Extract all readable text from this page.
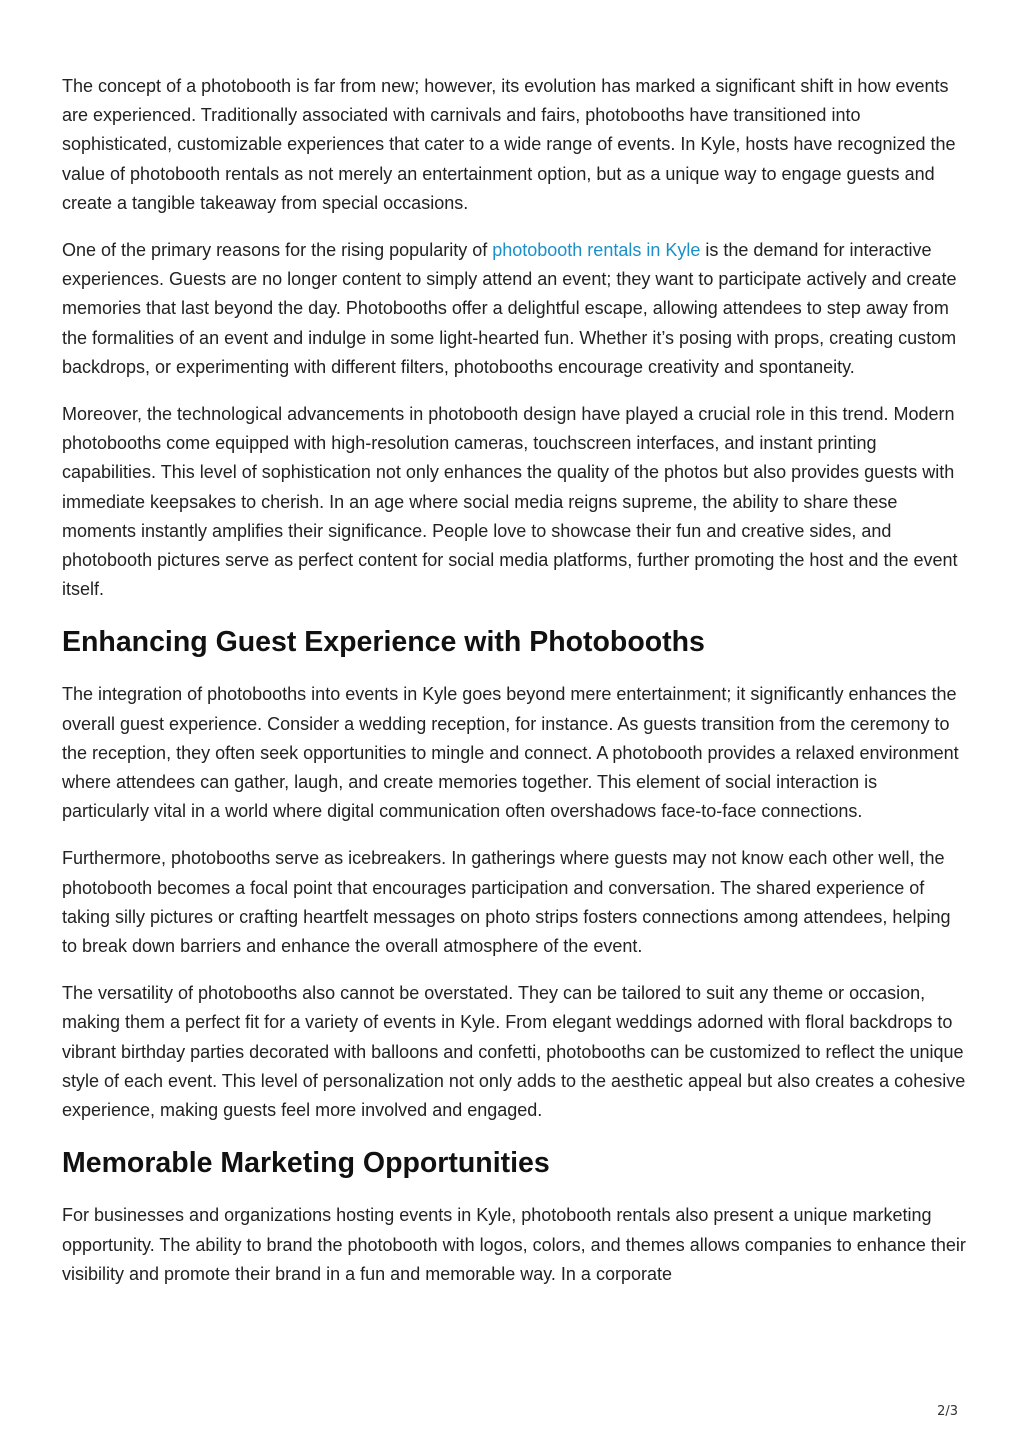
The concept of a photobooth is far from new; however, its evolution has marked a significant shift in how events are experienced. Traditionally associated with carnivals and fairs, photobooths have transitioned into sophisticated, customizable experiences that cater to a wide range of events. In Kyle, hosts have recognized the value of photobooth rentals as not merely an entertainment option, but as a unique way to engage guests and create a tangible takeaway from special occasions.

One of the primary reasons for the rising popularity of photobooth rentals in Kyle is the demand for interactive experiences. Guests are no longer content to simply attend an event; they want to participate actively and create memories that last beyond the day. Photobooths offer a delightful escape, allowing attendees to step away from the formalities of an event and indulge in some light-hearted fun. Whether it’s posing with props, creating custom backdrops, or experimenting with different filters, photobooths encourage creativity and spontaneity.

Moreover, the technological advancements in photobooth design have played a crucial role in this trend. Modern photobooths come equipped with high-resolution cameras, touchscreen interfaces, and instant printing capabilities. This level of sophistication not only enhances the quality of the photos but also provides guests with immediate keepsakes to cherish. In an age where social media reigns supreme, the ability to share these moments instantly amplifies their significance. People love to showcase their fun and creative sides, and photobooth pictures serve as perfect content for social media platforms, further promoting the host and the event itself.

Enhancing Guest Experience with Photobooths

The integration of photobooths into events in Kyle goes beyond mere entertainment; it significantly enhances the overall guest experience. Consider a wedding reception, for instance. As guests transition from the ceremony to the reception, they often seek opportunities to mingle and connect. A photobooth provides a relaxed environment where attendees can gather, laugh, and create memories together. This element of social interaction is particularly vital in a world where digital communication often overshadows face-to-face connections.

Furthermore, photobooths serve as icebreakers. In gatherings where guests may not know each other well, the photobooth becomes a focal point that encourages participation and conversation. The shared experience of taking silly pictures or crafting heartfelt messages on photo strips fosters connections among attendees, helping to break down barriers and enhance the overall atmosphere of the event.

The versatility of photobooths also cannot be overstated. They can be tailored to suit any theme or occasion, making them a perfect fit for a variety of events in Kyle. From elegant weddings adorned with floral backdrops to vibrant birthday parties decorated with balloons and confetti, photobooths can be customized to reflect the unique style of each event. This level of personalization not only adds to the aesthetic appeal but also creates a cohesive experience, making guests feel more involved and engaged.

Memorable Marketing Opportunities

For businesses and organizations hosting events in Kyle, photobooth rentals also present a unique marketing opportunity. The ability to brand the photobooth with logos, colors, and themes allows companies to enhance their visibility and promote their brand in a fun and memorable way. In a corporate

2/3
